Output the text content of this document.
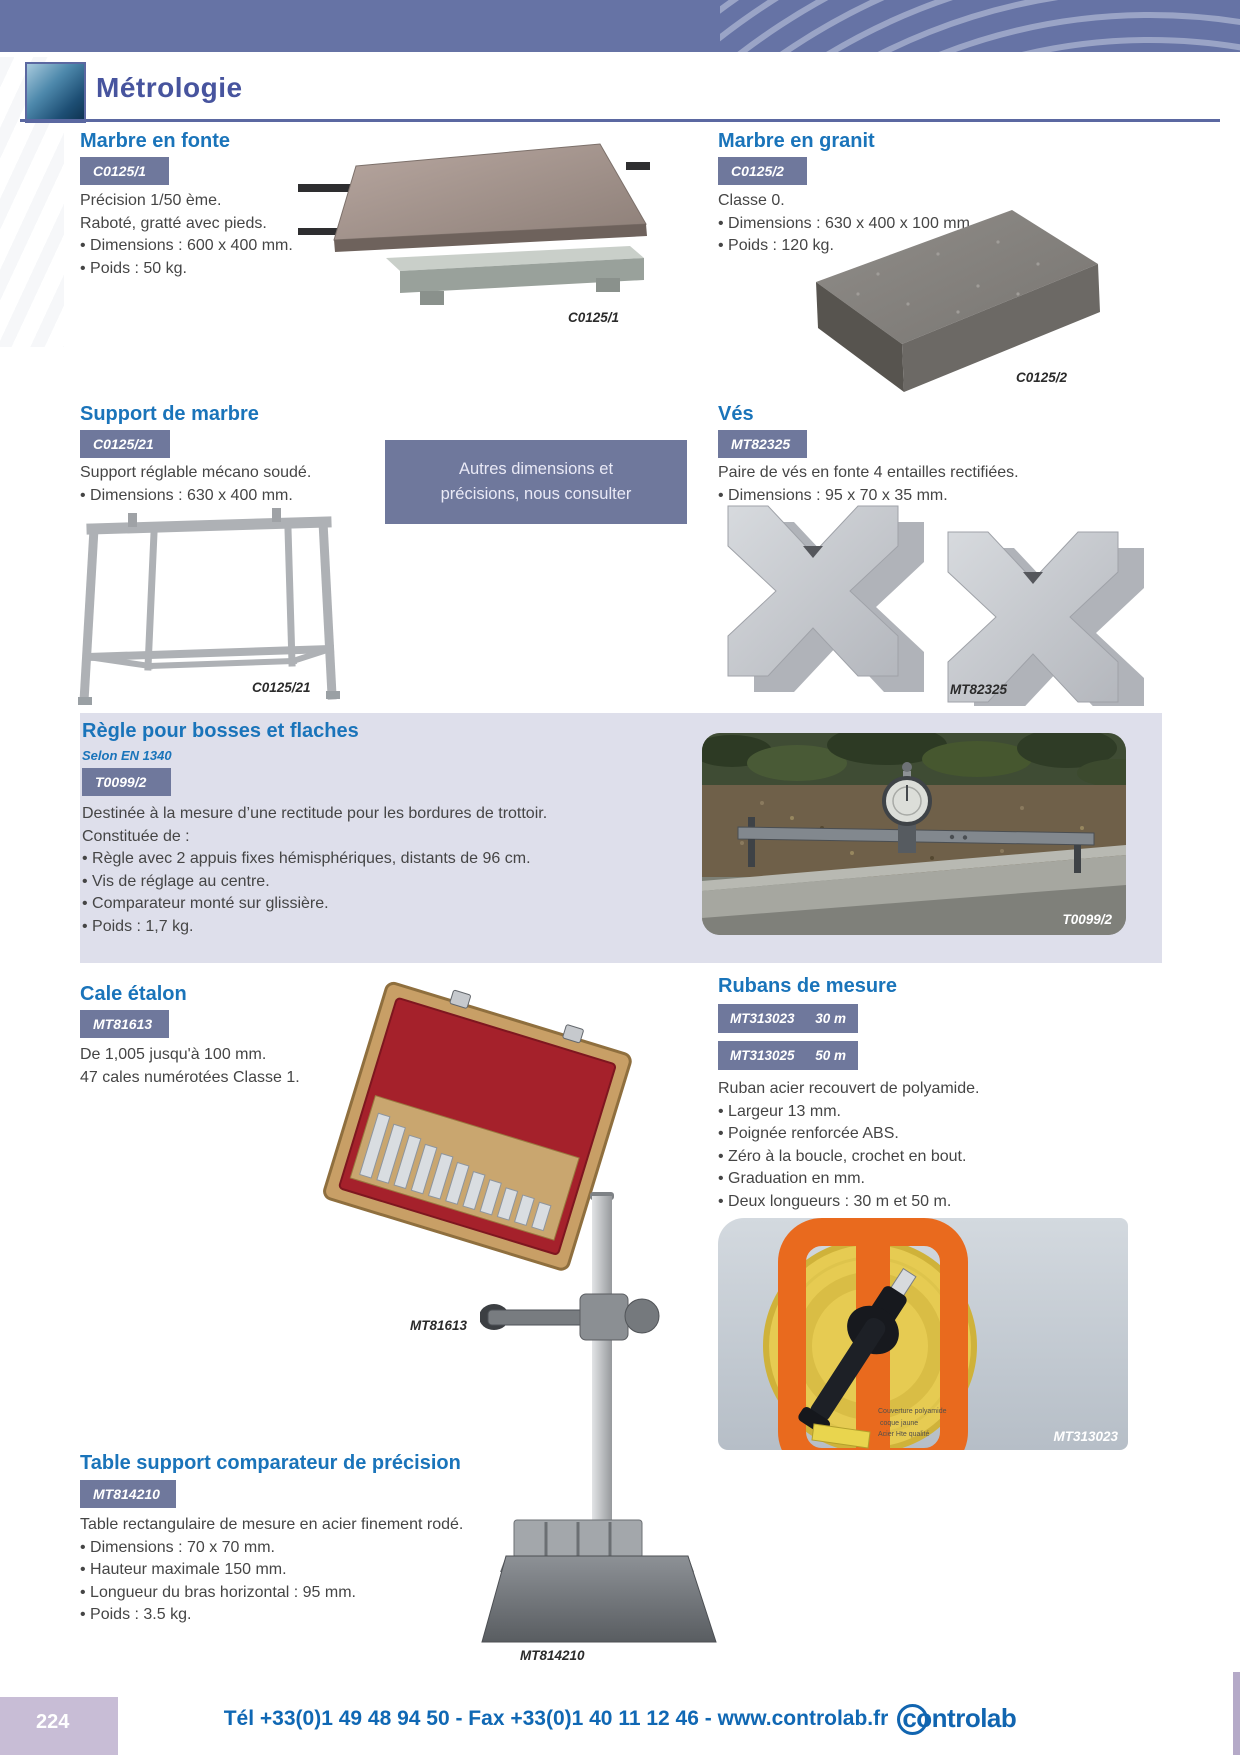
Métrologie
Marbre en fonte
C0125/1
Précision 1/50 ème.
Raboté, gratté avec pieds.
• Dimensions : 600 x 400 mm.
• Poids : 50 kg.
C0125/1
Marbre en granit
C0125/2
Classe 0.
• Dimensions : 630 x 400 x 100 mm.
• Poids : 120 kg.
C0125/2
Support de marbre
C0125/21
Support réglable mécano soudé.
• Dimensions : 630 x 400 mm.
C0125/21
Autres dimensions et
précisions, nous consulter
Vés
MT82325
Paire de vés en fonte 4 entailles rectifiées.
• Dimensions : 95 x 70 x 35 mm.
MT82325
Règle pour bosses et flaches
Selon EN 1340
T0099/2
Destinée à la mesure d’une rectitude pour les bordures de trottoir.
Constituée de :
• Règle avec 2 appuis fixes hémisphériques, distants de 96 cm.
• Vis de réglage au centre.
• Comparateur monté sur glissière.
• Poids : 1,7 kg.	T0099/2
Cale étalon
MT81613
De 1,005 jusqu'à 100 mm.
47 cales numérotées Classe 1.
MT81613
Rubans de mesure
MT313023 30 m
MT313025 50 m
Ruban acier recouvert de polyamide.
• Largeur 13 mm.
• Poignée renforcée ABS.
• Zéro à la boucle, crochet en bout.
• Graduation en mm.
• Deux longueurs : 30 m et 50 m.
Couverture polyamide
coque jaune
Acier Hte qualité	MT313023
Table support comparateur de précision
MT814210
Table rectangulaire de mesure en acier finement rodé.
• Dimensions : 70 x 70 mm.
• Hauteur maximale 150 mm.
• Longueur du bras horizontal : 95 mm.
• Poids : 3.5 kg.
MT814210
224	Tél +33(0)1 49 48 94 50 - Fax +33(0)1 40 11 12 46 - www.controlab.fr controlab
